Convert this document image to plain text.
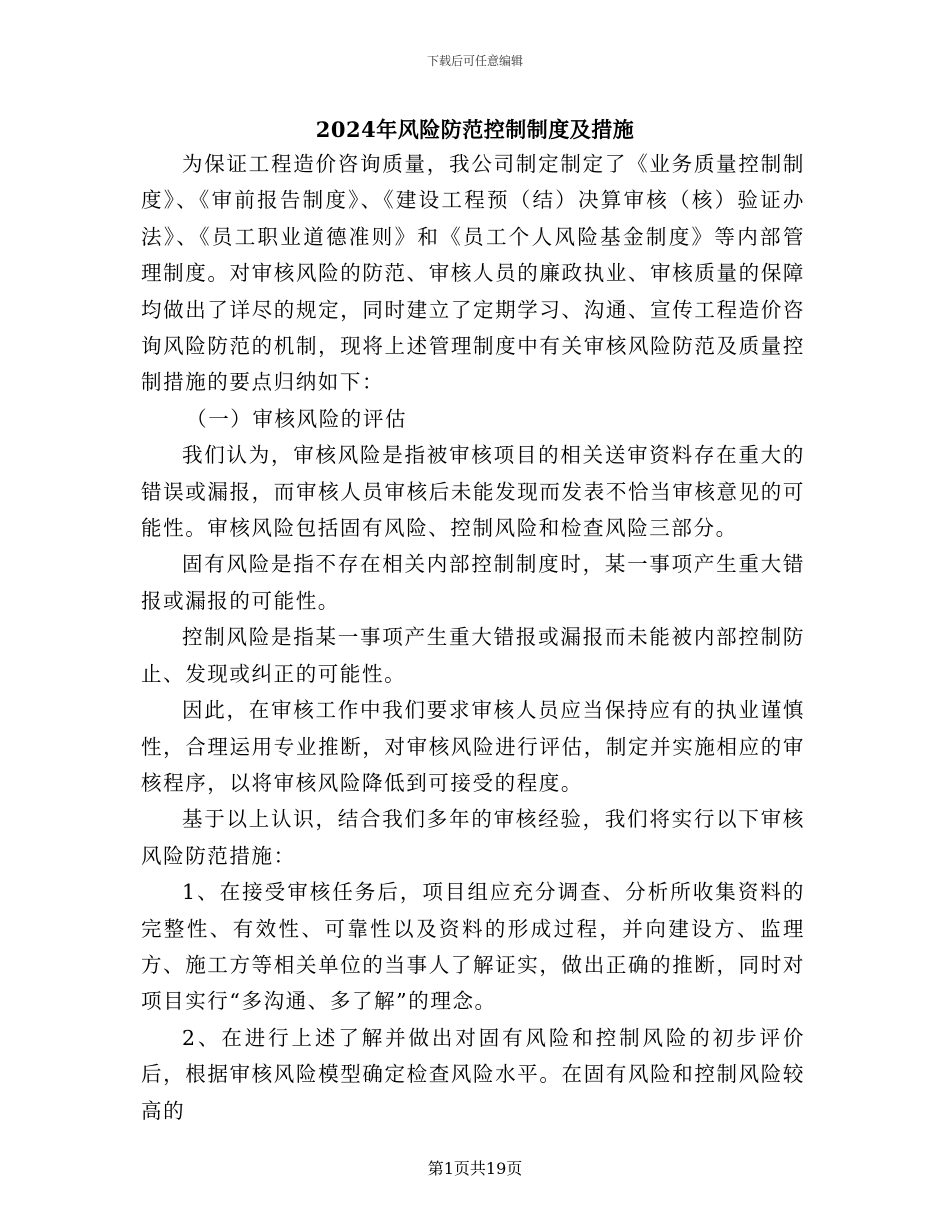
下载后可任意编辑
2024年风险防范控制制度及措施

为保证工程造价咨询质量，我公司制定制定了《业务质量控制制度》、《审前报告制度》、《建设工程预（结）决算审核（核）验证办法》、《员工职业道德准则》和《员工个人风险基金制度》等内部管理制度。对审核风险的防范、审核人员的廉政执业、审核质量的保障均做出了详尽的规定，同时建立了定期学习、沟通、宣传工程造价咨询风险防范的机制，现将上述管理制度中有关审核风险防范及质量控制措施的要点归纳如下：

（一）审核风险的评估

我们认为，审核风险是指被审核项目的相关送审资料存在重大的错误或漏报，而审核人员审核后未能发现而发表不恰当审核意见的可能性。审核风险包括固有风险、控制风险和检查风险三部分。

固有风险是指不存在相关内部控制制度时，某一事项产生重大错报或漏报的可能性。

控制风险是指某一事项产生重大错报或漏报而未能被内部控制防止、发现或纠正的可能性。

因此，在审核工作中我们要求审核人员应当保持应有的执业谨慎性，合理运用专业推断，对审核风险进行评估，制定并实施相应的审核程序，以将审核风险降低到可接受的程度。

基于以上认识，结合我们多年的审核经验，我们将实行以下审核风险防范措施：

1、在接受审核任务后，项目组应充分调查、分析所收集资料的完整性、有效性、可靠性以及资料的形成过程，并向建设方、监理方、施工方等相关单位的当事人了解证实，做出正确的推断，同时对项目实行“多沟通、多了解”的理念。

2、在进行上述了解并做出对固有风险和控制风险的初步评价后，根据审核风险模型确定检查风险水平。在固有风险和控制风险较高的

第1页共19页
